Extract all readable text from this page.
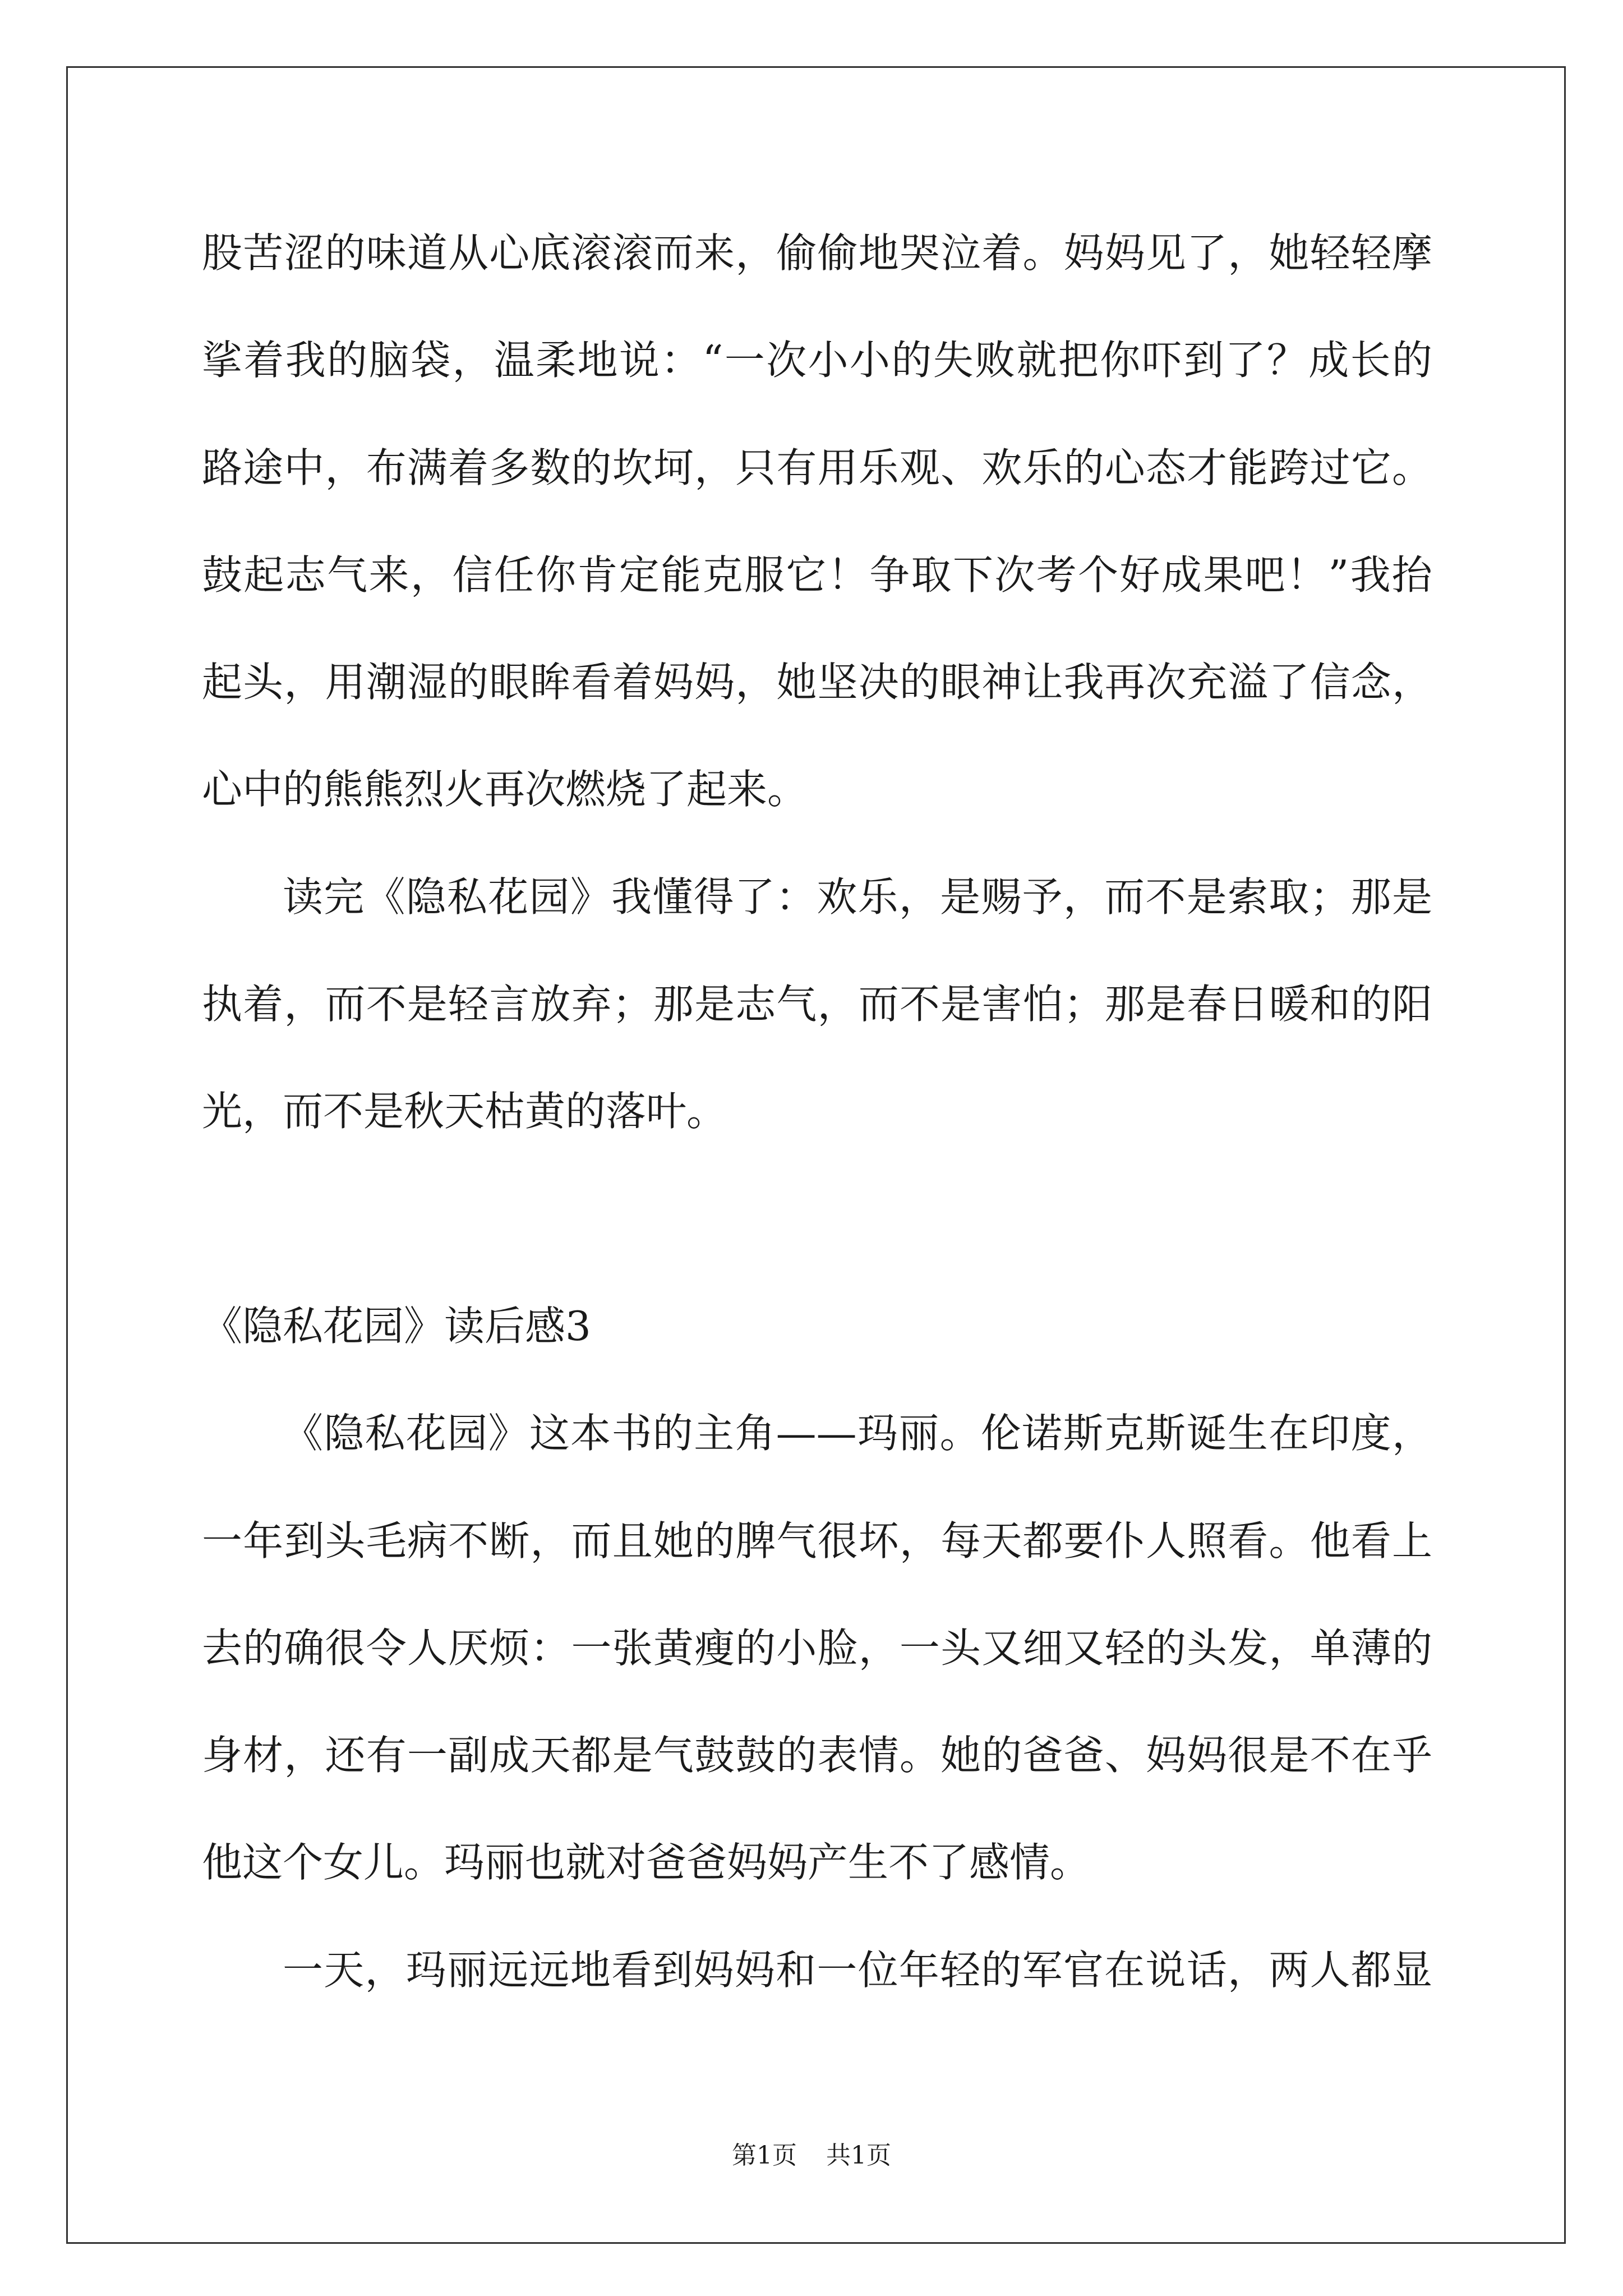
股苦涩的味道从心底滚滚而来，偷偷地哭泣着。妈妈见了，她轻轻摩
挲着我的脑袋，温柔地说：“一次小小的失败就把你吓到了？成长的
路途中，布满着多数的坎坷，只有用乐观、欢乐的心态才能跨过它。
鼓起志气来，信任你肯定能克服它！争取下次考个好成果吧！”我抬
起头，用潮湿的眼眸看着妈妈，她坚决的眼神让我再次充溢了信念，
心中的熊熊烈火再次燃烧了起来。
读完《隐私花园》我懂得了：欢乐，是赐予，而不是索取；那是
执着，而不是轻言放弃；那是志气，而不是害怕；那是春日暖和的阳
光，而不是秋天枯黄的落叶。
《隐私花园》读后感3
《隐私花园》这本书的主角——玛丽。伦诺斯克斯诞生在印度，
一年到头毛病不断，而且她的脾气很坏，每天都要仆人照看。他看上
去的确很令人厌烦：一张黄瘦的小脸，一头又细又轻的头发，单薄的
身材，还有一副成天都是气鼓鼓的表情。她的爸爸、妈妈很是不在乎
他这个女儿。玛丽也就对爸爸妈妈产生不了感情。
一天，玛丽远远地看到妈妈和一位年轻的军官在说话，两人都显
第1页 共1页
